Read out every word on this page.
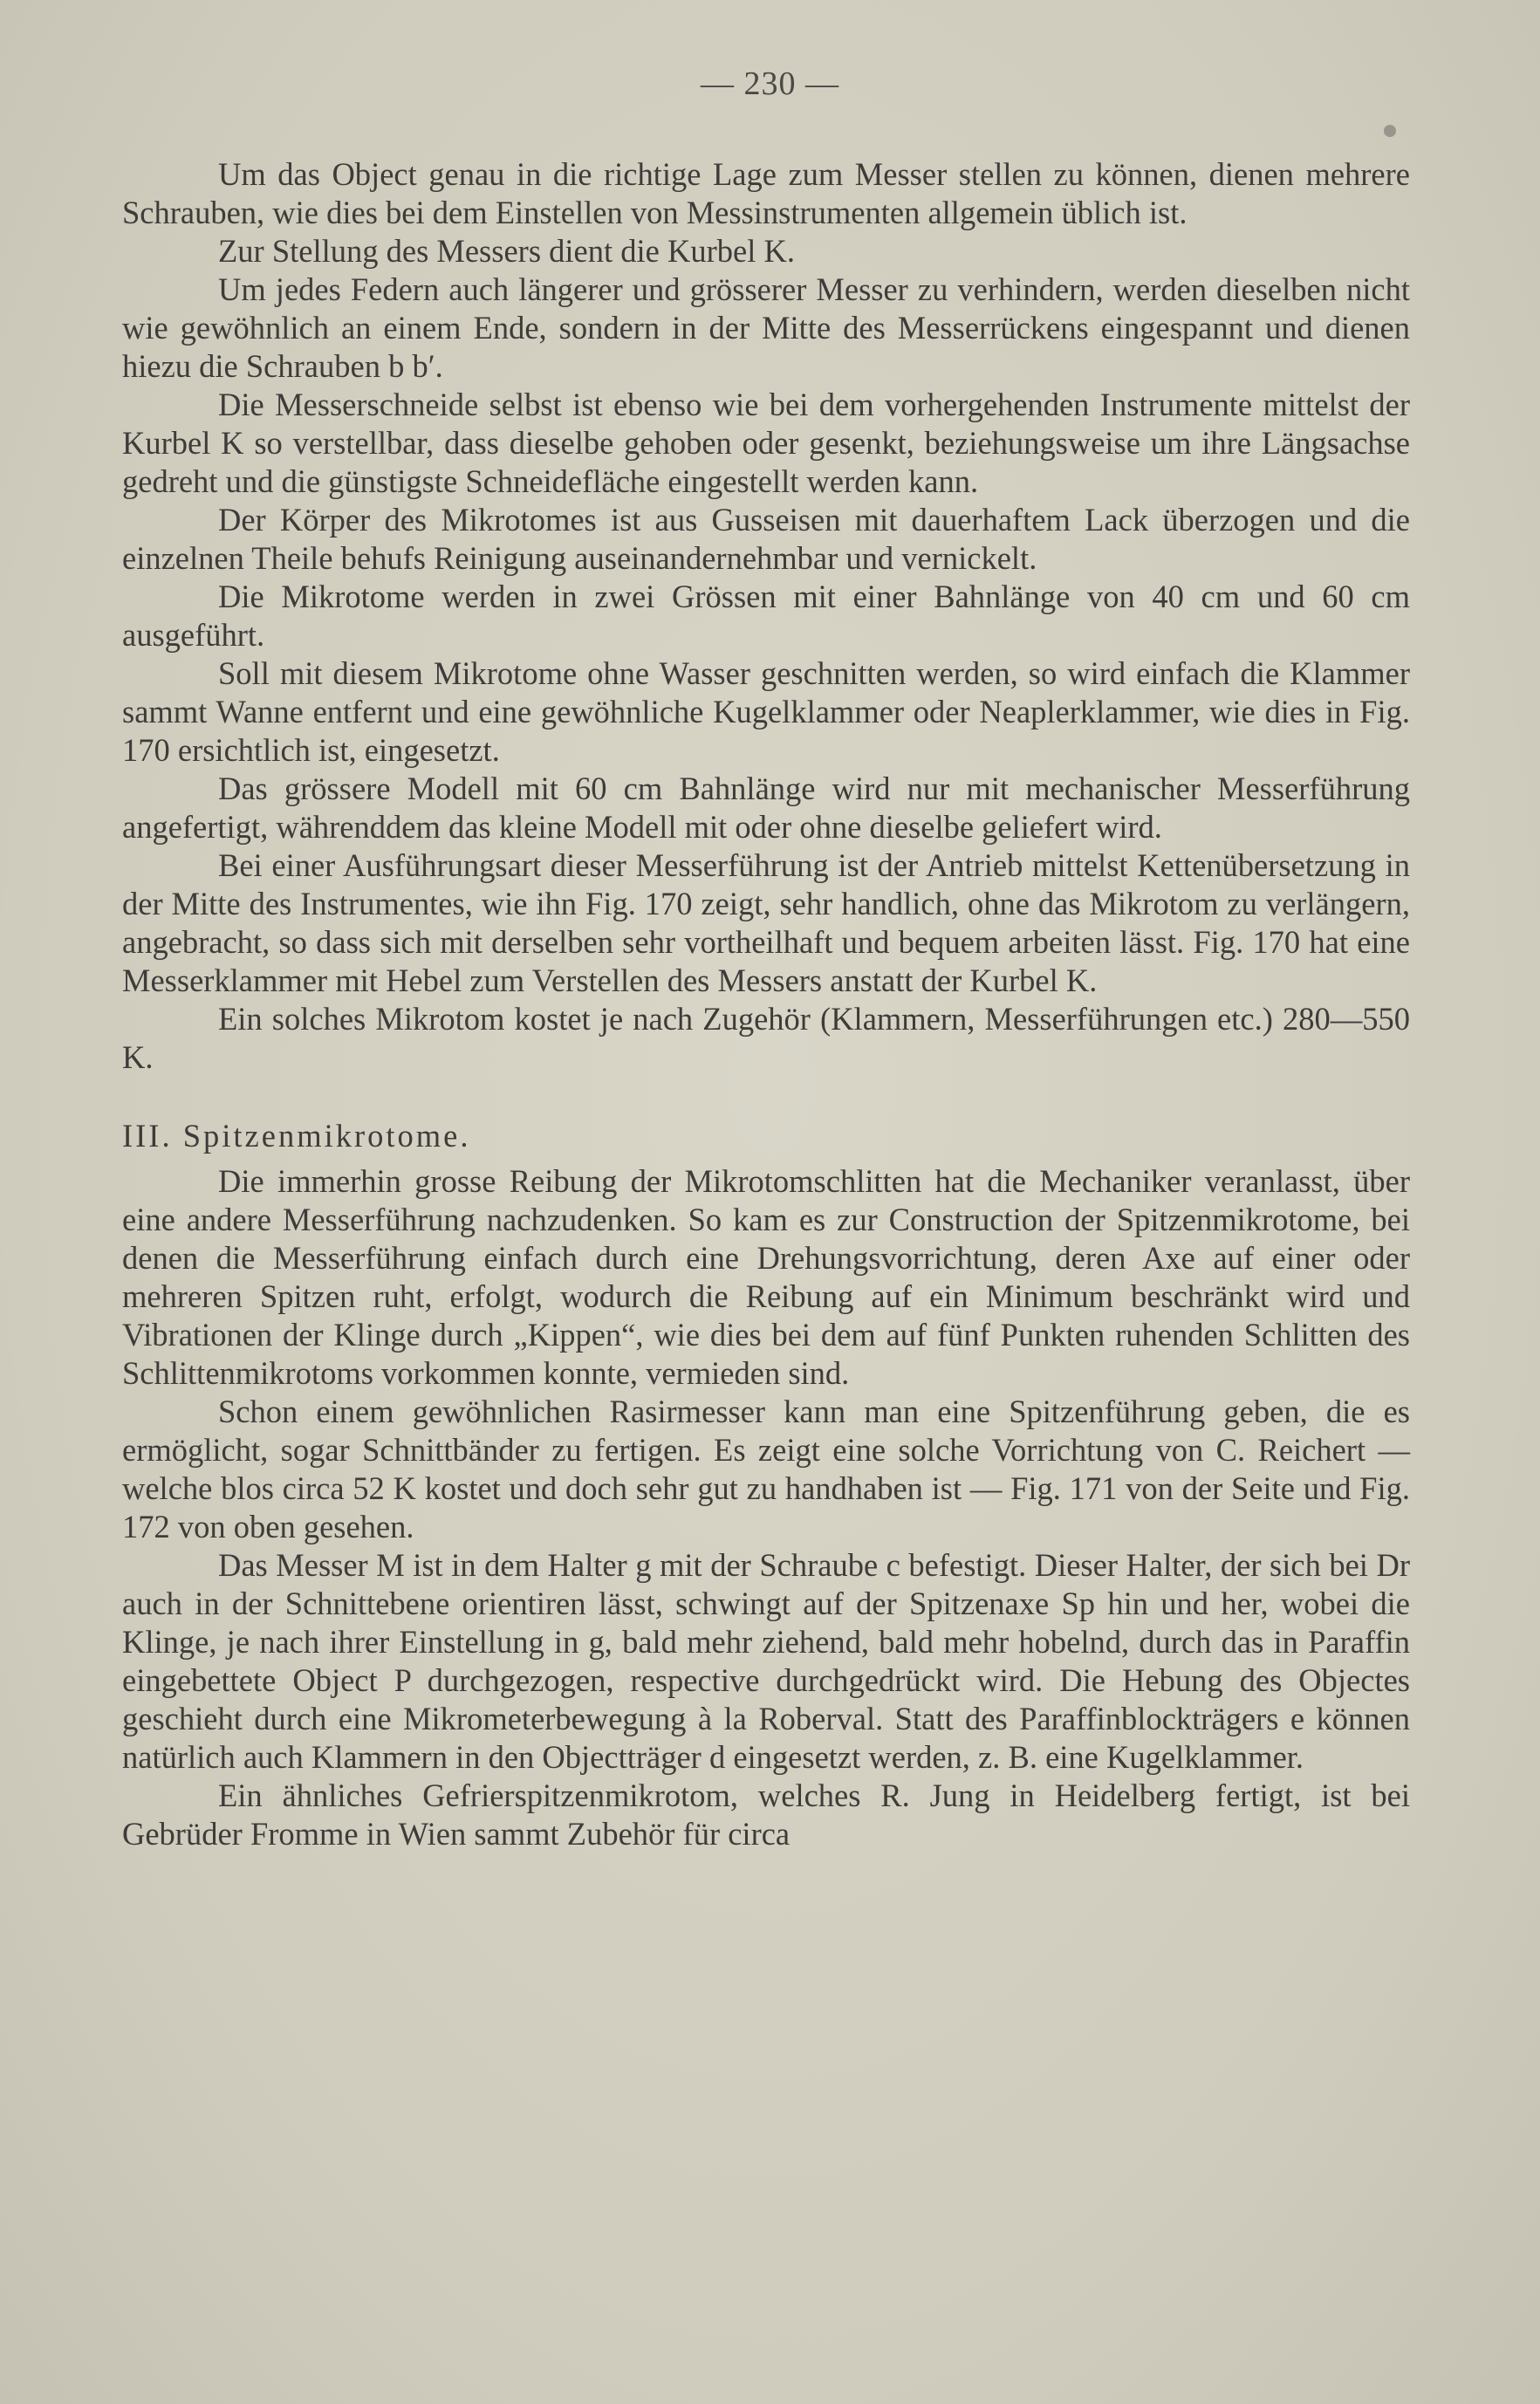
— 230 —

Um das Object genau in die richtige Lage zum Messer stellen zu können, dienen mehrere Schrauben, wie dies bei dem Einstellen von Messinstrumenten allgemein üblich ist.

Zur Stellung des Messers dient die Kurbel K.

Um jedes Federn auch längerer und grösserer Messer zu verhindern, werden dieselben nicht wie gewöhnlich an einem Ende, sondern in der Mitte des Messerrückens eingespannt und dienen hiezu die Schrauben b b′.

Die Messerschneide selbst ist ebenso wie bei dem vorhergehenden Instrumente mittelst der Kurbel K so verstellbar, dass dieselbe gehoben oder gesenkt, beziehungsweise um ihre Längsachse gedreht und die günstigste Schneidefläche eingestellt werden kann.

Der Körper des Mikrotomes ist aus Gusseisen mit dauerhaftem Lack überzogen und die einzelnen Theile behufs Reinigung auseinandernehmbar und vernickelt.

Die Mikrotome werden in zwei Grössen mit einer Bahnlänge von 40 cm und 60 cm ausgeführt.

Soll mit diesem Mikrotome ohne Wasser geschnitten werden, so wird einfach die Klammer sammt Wanne entfernt und eine gewöhnliche Kugelklammer oder Neaplerklammer, wie dies in Fig. 170 ersichtlich ist, eingesetzt.

Das grössere Modell mit 60 cm Bahnlänge wird nur mit mechanischer Messerführung angefertigt, währenddem das kleine Modell mit oder ohne dieselbe geliefert wird.

Bei einer Ausführungsart dieser Messerführung ist der Antrieb mittelst Kettenübersetzung in der Mitte des Instrumentes, wie ihn Fig. 170 zeigt, sehr handlich, ohne das Mikrotom zu verlängern, angebracht, so dass sich mit derselben sehr vortheilhaft und bequem arbeiten lässt. Fig. 170 hat eine Messerklammer mit Hebel zum Verstellen des Messers anstatt der Kurbel K.

Ein solches Mikrotom kostet je nach Zugehör (Klammern, Messerführungen etc.) 280—550 K.

III. Spitzenmikrotome.

Die immerhin grosse Reibung der Mikrotomschlitten hat die Mechaniker veranlasst, über eine andere Messerführung nachzudenken. So kam es zur Construction der Spitzenmikrotome, bei denen die Messerführung einfach durch eine Drehungsvorrichtung, deren Axe auf einer oder mehreren Spitzen ruht, erfolgt, wodurch die Reibung auf ein Minimum beschränkt wird und Vibrationen der Klinge durch „Kippen“, wie dies bei dem auf fünf Punkten ruhenden Schlitten des Schlittenmikrotoms vorkommen konnte, vermieden sind.

Schon einem gewöhnlichen Rasirmesser kann man eine Spitzenführung geben, die es ermöglicht, sogar Schnittbänder zu fertigen. Es zeigt eine solche Vorrichtung von C. Reichert — welche blos circa 52 K kostet und doch sehr gut zu handhaben ist — Fig. 171 von der Seite und Fig. 172 von oben gesehen.

Das Messer M ist in dem Halter g mit der Schraube c befestigt. Dieser Halter, der sich bei Dr auch in der Schnittebene orientiren lässt, schwingt auf der Spitzenaxe Sp hin und her, wobei die Klinge, je nach ihrer Einstellung in g, bald mehr ziehend, bald mehr hobelnd, durch das in Paraffin eingebettete Object P durchgezogen, respective durchgedrückt wird. Die Hebung des Objectes geschieht durch eine Mikrometerbewegung à la Roberval. Statt des Paraffinblockträgers e können natürlich auch Klammern in den Objectträger d eingesetzt werden, z. B. eine Kugelklammer.

Ein ähnliches Gefrierspitzenmikrotom, welches R. Jung in Heidelberg fertigt, ist bei Gebrüder Fromme in Wien sammt Zubehör für circa
